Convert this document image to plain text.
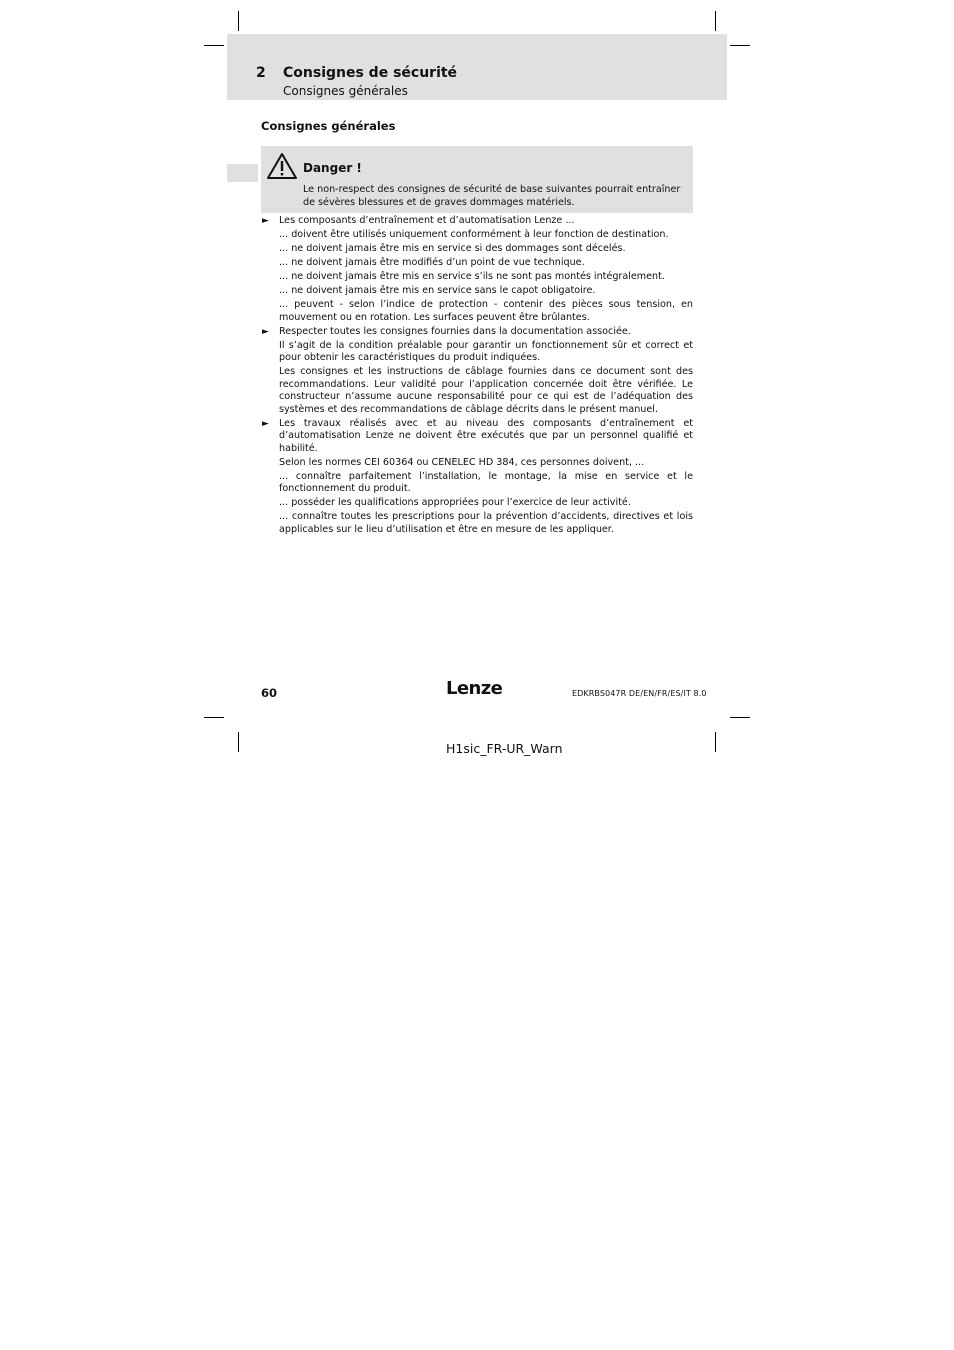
2 Consignes de sécurité
Consignes générales
Consignes générales
Danger !
Le non-respect des consignes de sécurité de base suivantes pourrait entraîner de sévères blessures et de graves dommages matériels.
► Les composants d’entraînement et d’automatisation Lenze ...
... doivent être utilisés uniquement conformément à leur fonction de destination.
... ne doivent jamais être mis en service si des dommages sont décelés.
... ne doivent jamais être modifiés d’un point de vue technique.
... ne doivent jamais être mis en service s’ils ne sont pas montés intégralement.
... ne doivent jamais être mis en service sans le capot obligatoire.
... peuvent - selon l’indice de protection - contenir des pièces sous tension, en mouvement ou en rotation. Les surfaces peuvent être brûlantes.
► Respecter toutes les consignes fournies dans la documentation associée.
Il s’agit de la condition préalable pour garantir un fonctionnement sûr et correct et pour obtenir les caractéristiques du produit indiquées.
Les consignes et les instructions de câblage fournies dans ce document sont des recommandations. Leur validité pour l’application concernée doit être vérifiée. Le constructeur n’assume aucune responsabilité pour ce qui est de l’adéquation des systèmes et des recommandations de câblage décrits dans le présent manuel.
► Les travaux réalisés avec et au niveau des composants d’entraînement et d’automatisation Lenze ne doivent être exécutés que par un personnel qualifié et habilité.
Selon les normes CEI 60364 ou CENELEC HD 384, ces personnes doivent, ...
... connaître parfaitement l’installation, le montage, la mise en service et le fonctionnement du produit.
... posséder les qualifications appropriées pour l’exercice de leur activité.
... connaître toutes les prescriptions pour la prévention d’accidents, directives et lois applicables sur le lieu d’utilisation et être en mesure de les appliquer.
60	Lenze	EDKRBS047R DE/EN/FR/ES/IT 8.0
H1sic_FR-UR_Warn
